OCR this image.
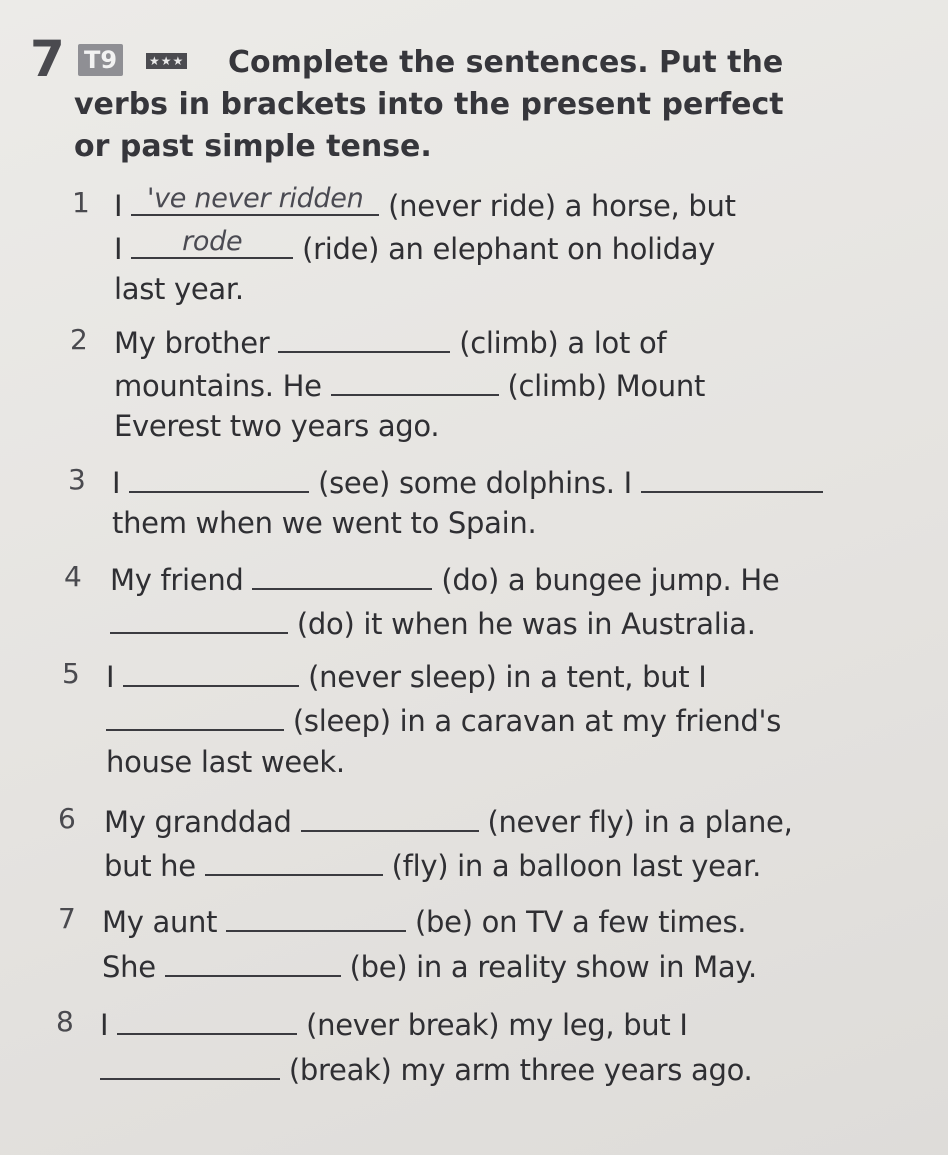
7 T9	★★★	Complete the sentences. Put the verbs in brackets into the present perfect or past simple tense.
1 I 've never ridden (never ride) a horse, but
I	rode	(ride) an elephant on holiday
last year.
2 My brother	(climb) a lot of
mountains. He	(climb) Mount
Everest two years ago.
3 I	(see) some dolphins. I
them when we went to Spain.
4 My friend	(do) a bungee jump. He
(do) it when he was in Australia.
5 I	(never sleep) in a tent, but I
(sleep) in a caravan at my friend's
house last week.
6 My granddad	(never fly) in a plane,
but he	(fly) in a balloon last year.
7 My aunt	(be) on TV a few times.
She	(be) in a reality show in May.
8 I	(never break) my leg, but I
(break) my arm three years ago.
